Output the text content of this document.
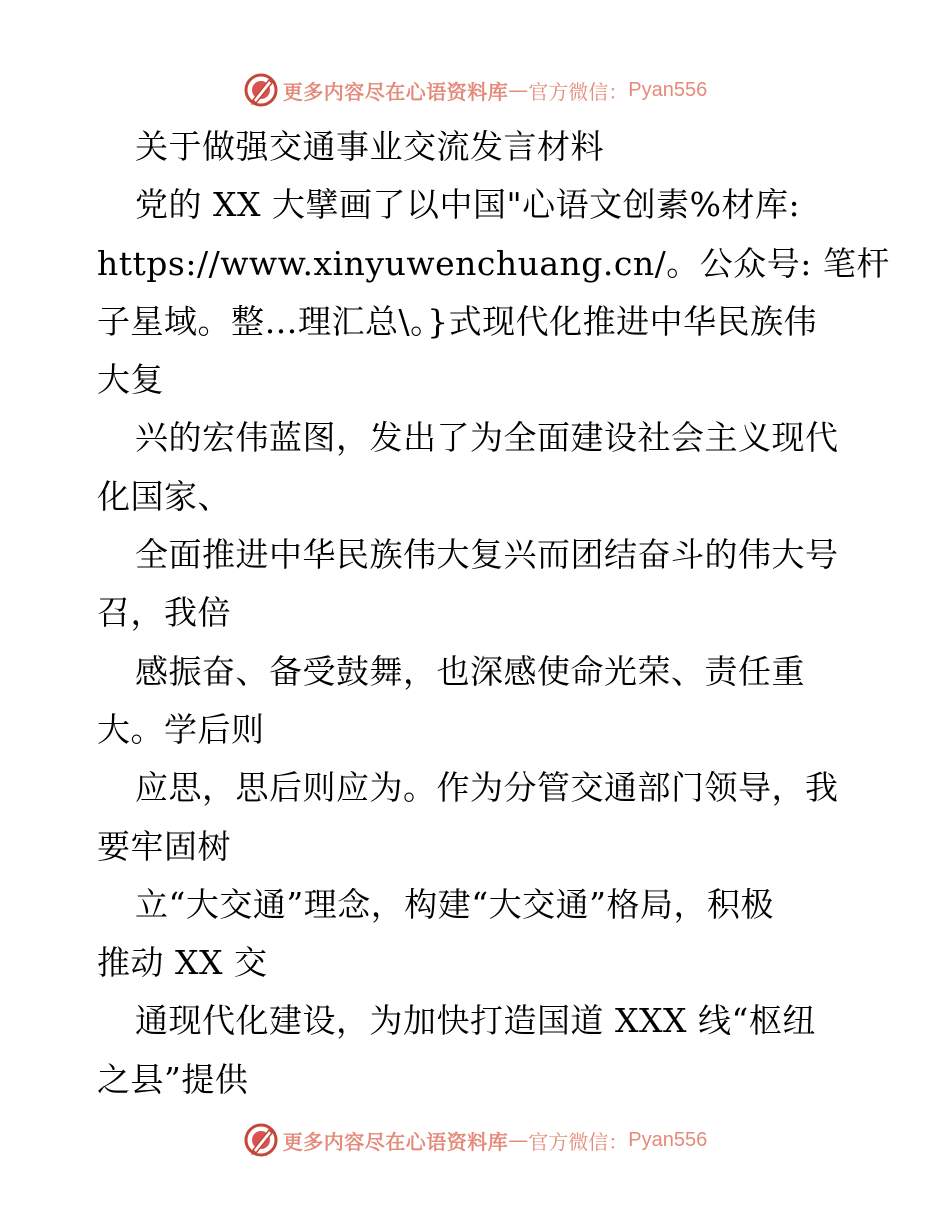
更多内容尽在心语资料库 — 官方微信： Pyan556
关于做强交通事业交流发言材料
党的 XX 大擘画了以中国"心语文创素%材库:
https://www.xinyuwenchuang.cn/。公众号: 笔杆
子星域。整…理汇总\。}式现代化推进中华民族伟
大复
兴的宏伟蓝图，发出了为全面建设社会主义现代
化国家、
全面推进中华民族伟大复兴而团结奋斗的伟大号
召，我倍
感振奋、备受鼓舞，也深感使命光荣、责任重
大。学后则
应思，思后则应为。作为分管交通部门领导，我
要牢固树
立“大交通”理念，构建“大交通”格局，积极
推动 XX 交
通现代化建设，为加快打造国道 XXX 线“枢纽
之县”提供
更多内容尽在心语资料库 — 官方微信： Pyan556
